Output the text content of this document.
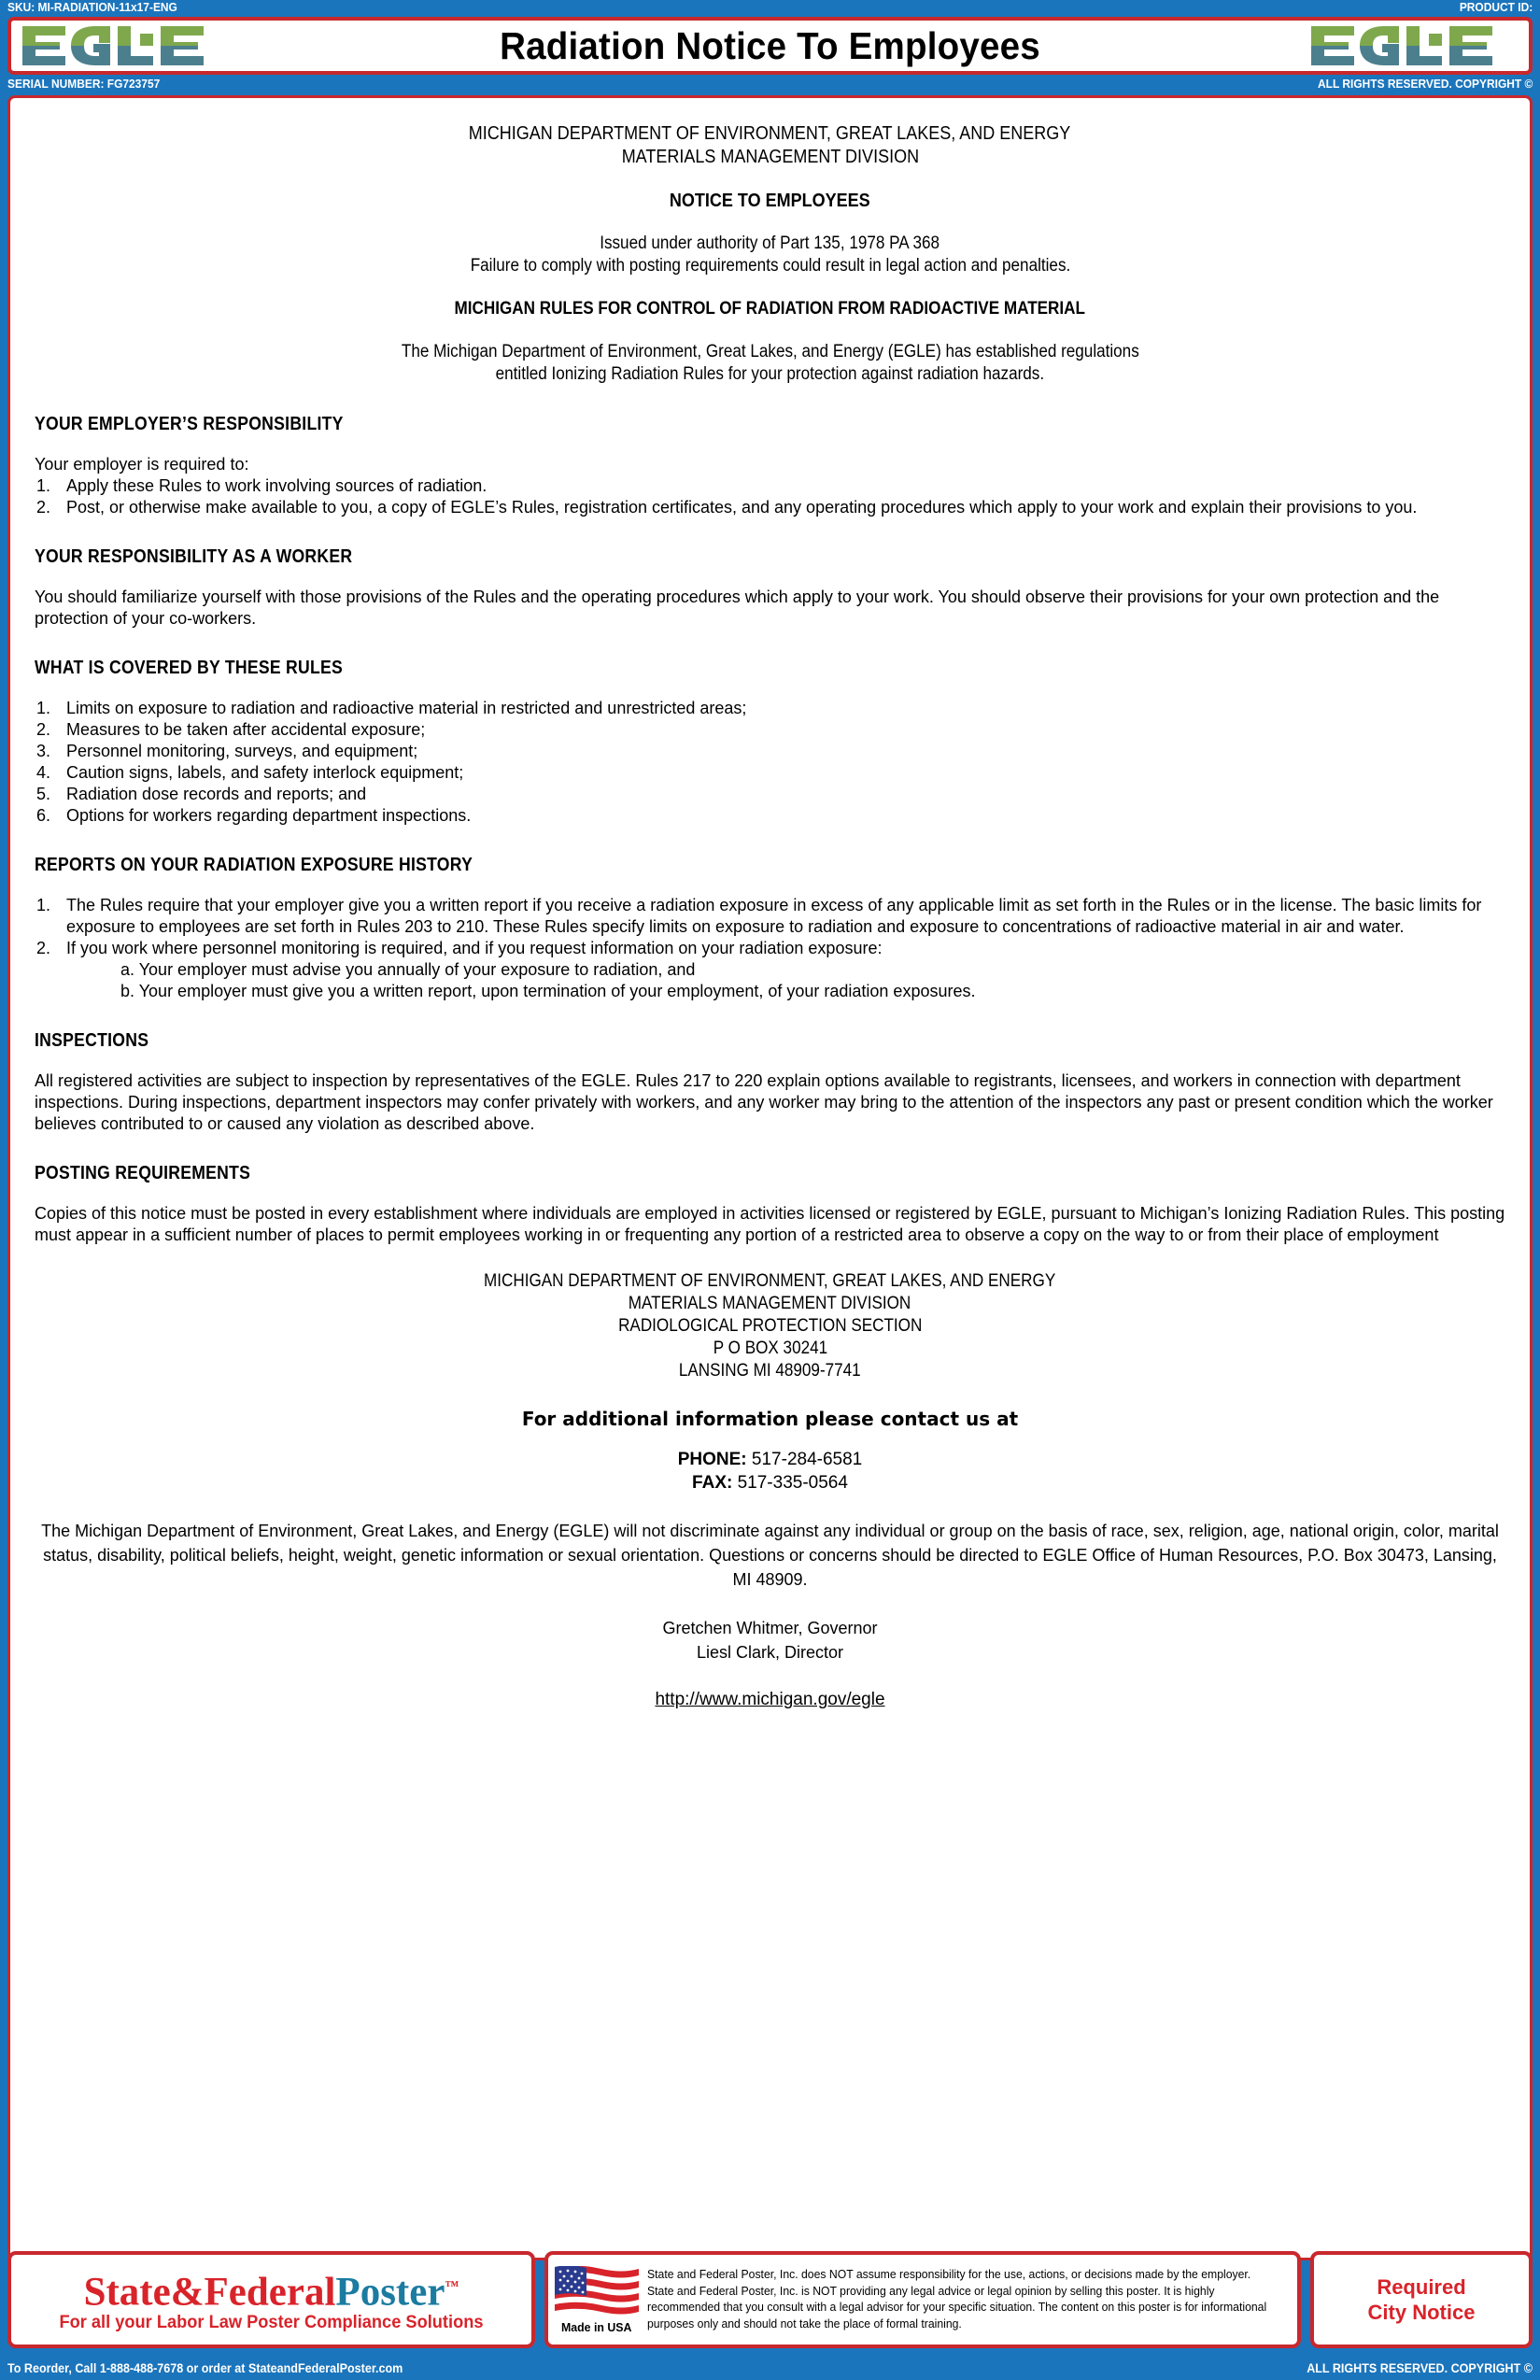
SKU: MI-RADIATION-11x17-ENG	PRODUCT ID:
Radiation Notice To Employees
SERIAL NUMBER: FG723757	ALL RIGHTS RESERVED. COPYRIGHT ©
MICHIGAN DEPARTMENT OF ENVIRONMENT, GREAT LAKES, AND ENERGY
MATERIALS MANAGEMENT DIVISION
NOTICE TO EMPLOYEES
Issued under authority of Part 135, 1978 PA 368
Failure to comply with posting requirements could result in legal action and penalties.
MICHIGAN RULES FOR CONTROL OF RADIATION FROM RADIOACTIVE MATERIAL
The Michigan Department of Environment, Great Lakes, and Energy (EGLE) has established regulations
entitled Ionizing Radiation Rules for your protection against radiation hazards.
YOUR EMPLOYER’S RESPONSIBILITY

Your employer is required to:

1. Apply these Rules to work involving sources of radiation.
2. Post, or otherwise make available to you, a copy of EGLE’s Rules, registration certificates, and any operating procedures which apply to your work and explain their provisions to you.
YOUR RESPONSIBILITY AS A WORKER

You should familiarize yourself with those provisions of the Rules and the operating procedures which apply to your work. You should observe their provisions for your own protection and the protection of your co-workers.

WHAT IS COVERED BY THESE RULES
1. Limits on exposure to radiation and radioactive material in restricted and unrestricted areas;
2. Measures to be taken after accidental exposure;
3. Personnel monitoring, surveys, and equipment;
4. Caution signs, labels, and safety interlock equipment;
5. Radiation dose records and reports; and
6. Options for workers regarding department inspections.
REPORTS ON YOUR RADIATION EXPOSURE HISTORY
1. The Rules require that your employer give you a written report if you receive a radiation exposure in excess of any applicable limit as set forth in the Rules or in the license. The basic limits for exposure to employees are set forth in Rules 203 to 210. These Rules specify limits on exposure to radiation and exposure to concentrations of radioactive material in air and water.
2. If you work where personnel monitoring is required, and if you request information on your radiation exposure:
a. Your employer must advise you annually of your exposure to radiation, and
b. Your employer must give you a written report, upon termination of your employment, of your radiation exposures.
INSPECTIONS

All registered activities are subject to inspection by representatives of the EGLE. Rules 217 to 220 explain options available to registrants, licensees, and workers in connection with department inspections. During inspections, department inspectors may confer privately with workers, and any worker may bring to the attention of the inspectors any past or present condition which the worker believes contributed to or caused any violation as described above.

POSTING REQUIREMENTS

Copies of this notice must be posted in every establishment where individuals are employed in activities licensed or registered by EGLE, pursuant to Michigan’s Ionizing Radiation Rules. This posting must appear in a sufficient number of places to permit employees working in or frequenting any portion of a restricted area to observe a copy on the way to or from their place of employment

MICHIGAN DEPARTMENT OF ENVIRONMENT, GREAT LAKES, AND ENERGY
MATERIALS MANAGEMENT DIVISION
RADIOLOGICAL PROTECTION SECTION
P O BOX 30241
LANSING MI 48909-7741
For additional information please contact us at
PHONE: 517-284-6581
FAX: 517-335-0564
The Michigan Department of Environment, Great Lakes, and Energy (EGLE) will not discriminate against any individual or group on the basis of race, sex, religion, age, national origin, color, marital status, disability, political beliefs, height, weight, genetic information or sexual orientation. Questions or concerns should be directed to EGLE Office of Human Resources, P.O. Box 30473, Lansing, MI 48909.
Gretchen Whitmer, Governor
Liesl Clark, Director
http://www.michigan.gov/egle
State&FederalPoster™
For all your Labor Law Poster Compliance Solutions	Made in USA
State and Federal Poster, Inc. does NOT assume responsibility for the use, actions, or decisions made by the employer. State and Federal Poster, Inc. is NOT providing any legal advice or legal opinion by selling this poster. It is highly recommended that you consult with a legal advisor for your specific situation. The content on this poster is for informational purposes only and should not take the place of formal training.
Required
City Notice
To Reorder, Call 1-888-488-7678 or order at StateandFederalPoster.com	ALL RIGHTS RESERVED. COPYRIGHT ©
